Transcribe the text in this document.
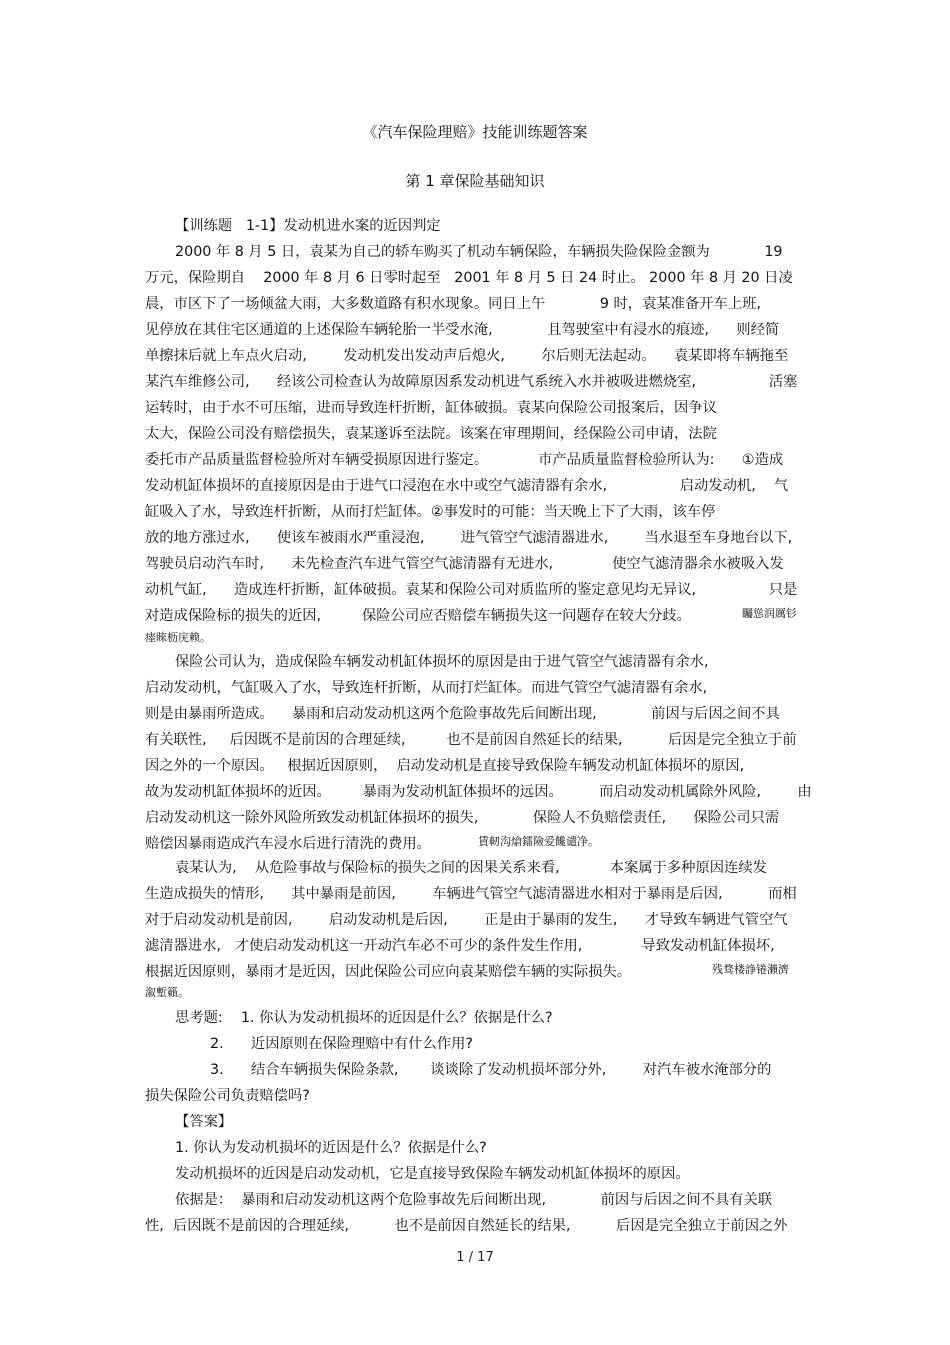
《汽车保险理赔》技能训练题答案
第 1 章保险基础知识
【训练题   1-1】发动机进水案的近因判定
2000 年 8 月 5 日，袁某为自己的轿车购买了机动车辆保险，车辆损失险保险金额为            19
万元，保险期自    2000 年 8 月 6 日零时起至   2001 年 8 月 5 日 24 时止。 2000 年 8 月 20 日凌
晨，市区下了一场倾盆大雨，大多数道路有积水现象。同日上午            9 时，袁某准备开车上班,
见停放在其住宅区通道的上述保险车辆轮胎一半受水淹,            且驾驶室中有浸水的痕迹,      则经简
单擦抹后就上车点火启动,        发动机发出发动声后熄火,        尔后则无法起动。    袁某即将车辆拖至
某汽车维修公司,      经该公司检查认为故障原因系发动机进气系统入水并被吸进燃烧室,                活塞
运转时，由于水不可压缩，进而导致连杆折断，缸体破损。袁某向保险公司报案后，因争议
太大，保险公司没有赔偿损失，袁某遂诉至法院。该案在审理期间，经保险公司申请，法院
委托市产品质量监督检验所对车辆受损原因进行鉴定。           市产品质量监督检验所认为:      ①造成
发动机缸体损坏的直接原因是由于进气口浸泡在水中或空气滤清器有余水,                启动发动机,    气
缸吸入了水，导致连杆折断，从而打烂缸体。②事发时的可能：当天晚上下了大雨，该车停
放的地方涨过水,      使该车被雨水严重浸泡,        进气管空气滤清器进水,        当水退至车身地台以下,
驾驶员启动汽车时,      未先检查汽车进气管空气滤清器有无进水,             使空气滤清器余水被吸入发
动机气缸,      造成连杆折断，缸体破损。袁某和保险公司对质监所的鉴定意见均无异议,                只是
对造成保险标的损失的近因,         保险公司应否赔偿车辆损失这一问题存在较大分歧。
保险公司认为，造成保险车辆发动机缸体损坏的原因是由于进气管空气滤清器有余水,
启动发动机，气缸吸入了水，导致连杆折断，从而打烂缸体。而进气管空气滤清器有余水,
则是由暴雨所造成。    暴雨和启动发动机这两个危险事故先后间断出现,            前因与后因之间不具
有关联性,     后因既不是前因的合理延续,         也不是前因自然延长的结果,          后因是完全独立于前
因之外的一个原因。   根据近因原则，  启动发动机是直接导致保险车辆发动机缸体损坏的原因,
故为发动机缸体损坏的近因。       暴雨为发动机缸体损坏的远因。        而启动发动机属除外风险,        由
启动发动机这一除外风险所致发动机缸体损坏的损失,            保险人不负赔偿责任,      保险公司只需
赔偿因暴雨造成汽车浸水后进行清洗的费用。
袁某认为,    从危险事故与保险标的损失之间的因果关系来看,           本案属于多种原因连续发
生造成损失的情形,      其中暴雨是前因,        车辆进气管空气滤清器进水相对于暴雨是后因,          而相
对于启动发动机是前因,        启动发动机是后因,        正是由于暴雨的发生,      才导致车辆进气管空气
滤清器进水,   才使启动发动机这一开动汽车必不可少的条件发生作用,             导致发动机缸体损坏,
根据近因原则，暴雨才是近因，因此保险公司应向袁某赔偿车辆的实际损失。
思考题:    1. 你认为发动机损坏的近因是什么？依据是什么?
2.      近因原则在保险理赔中有什么作用?
3.      结合车辆损失保险条款,       谈谈除了发动机损坏部分外,        对汽车被水淹部分的
损失保险公司负责赔偿吗?
【答案】
1. 你认为发动机损坏的近因是什么？依据是什么?
发动机损坏的近因是启动发动机，它是直接导致保险车辆发动机缸体损坏的原因。
依据是：  暴雨和启动发动机这两个危险事故先后间断出现,            前因与后因之间不具有关联
性,  后因既不是前因的合理延续,          也不是前因自然延长的结果,          后因是完全独立于前因之外
矚慫润厲钐
瘗睞枥庑赖。
賃軔沟熗鐳險爱饞谴净。
残骛楼諍锩瀨濟
溆塹籟。
1 / 17
